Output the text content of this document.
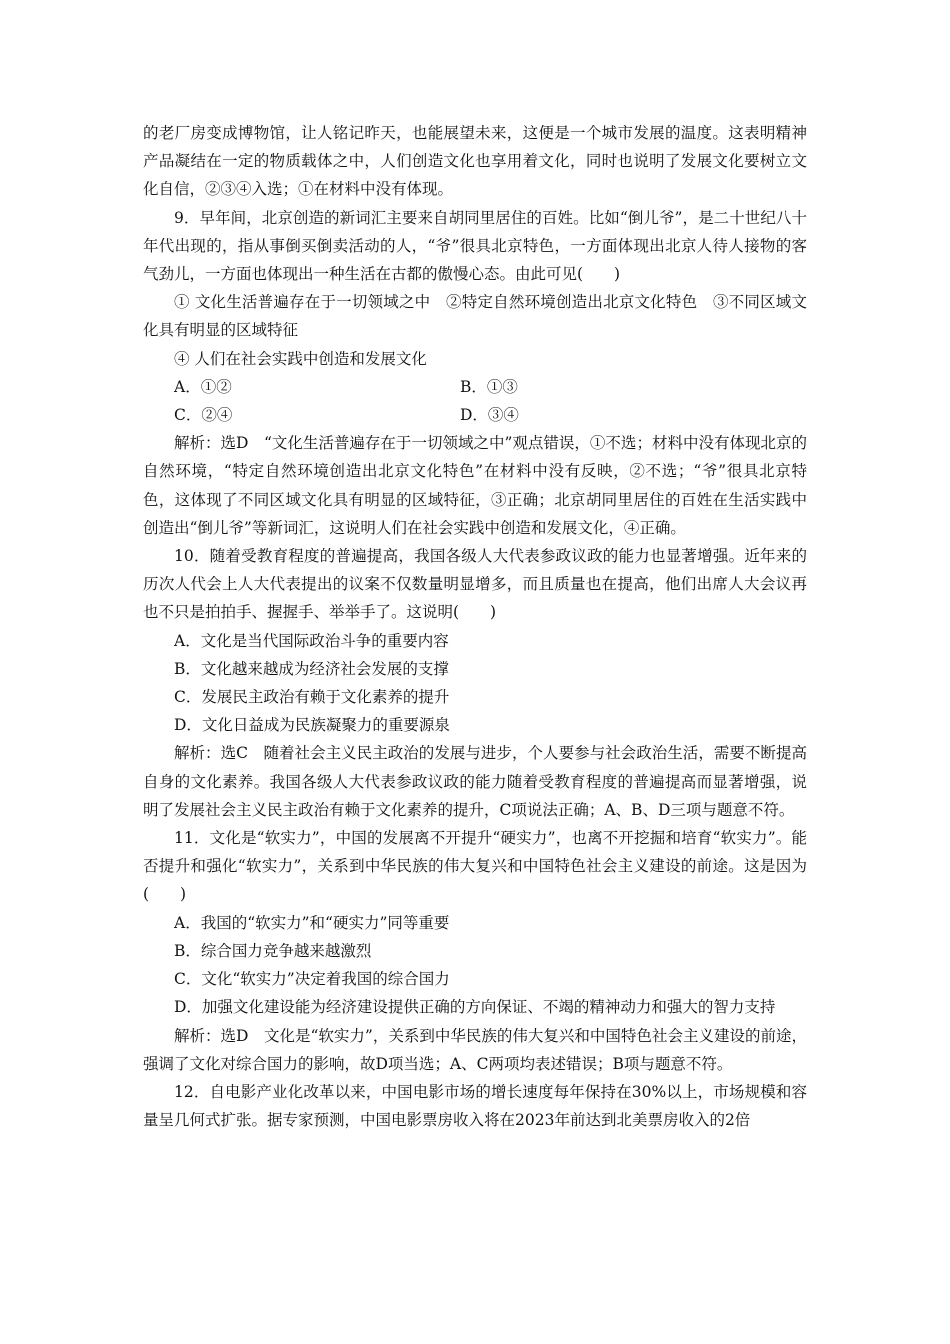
的老厂房变成博物馆，让人铭记昨天，也能展望未来，这便是一个城市发展的温度。这表明精神产品凝结在一定的物质载体之中，人们创造文化也享用着文化，同时也说明了发展文化要树立文化自信，②③④入选；①在材料中没有体现。

9．早年间，北京创造的新词汇主要来自胡同里居住的百姓。比如“倒儿爷”，是二十世纪八十年代出现的，指从事倒买倒卖活动的人，“爷”很具北京特色，一方面体现出北京人待人接物的客气劲儿，一方面也体现出一种生活在古都的傲慢心态。由此可见(　　)

① 文化生活普遍存在于一切领域之中　②特定自然环境创造出北京文化特色　③不同区域文化具有明显的区域特征

④ 人们在社会实践中创造和发展文化

A．①②	B．①③
C．②④	D．③④

解析：选D　“文化生活普遍存在于一切领域之中”观点错误，①不选；材料中没有体现北京的自然环境，“特定自然环境创造出北京文化特色”在材料中没有反映，②不选；“爷”很具北京特色，这体现了不同区域文化具有明显的区域特征，③正确；北京胡同里居住的百姓在生活实践中创造出“倒儿爷”等新词汇，这说明人们在社会实践中创造和发展文化，④正确。

10．随着受教育程度的普遍提高，我国各级人大代表参政议政的能力也显著增强。近年来的历次人代会上人大代表提出的议案不仅数量明显增多，而且质量也在提高，他们出席人大会议再也不只是拍拍手、握握手、举举手了。这说明(　　)

A．文化是当代国际政治斗争的重要内容

B．文化越来越成为经济社会发展的支撑

C．发展民主政治有赖于文化素养的提升

D．文化日益成为民族凝聚力的重要源泉

解析：选C　随着社会主义民主政治的发展与进步，个人要参与社会政治生活，需要不断提高自身的文化素养。我国各级人大代表参政议政的能力随着受教育程度的普遍提高而显著增强，说明了发展社会主义民主政治有赖于文化素养的提升，C项说法正确；A、B、D三项与题意不符。

11．文化是“软实力”，中国的发展离不开提升“硬实力”，也离不开挖掘和培育“软实力”。能否提升和强化“软实力”，关系到中华民族的伟大复兴和中国特色社会主义建设的前途。这是因为(　　)

A．我国的“软实力”和“硬实力”同等重要

B．综合国力竞争越来越激烈

C．文化“软实力”决定着我国的综合国力

D．加强文化建设能为经济建设提供正确的方向保证、不竭的精神动力和强大的智力支持

解析：选D　文化是“软实力”，关系到中华民族的伟大复兴和中国特色社会主义建设的前途，强调了文化对综合国力的影响，故D项当选；A、C两项均表述错误；B项与题意不符。

12．自电影产业化改革以来，中国电影市场的增长速度每年保持在30%以上，市场规模和容量呈几何式扩张。据专家预测，中国电影票房收入将在2023年前达到北美票房收入的2倍
